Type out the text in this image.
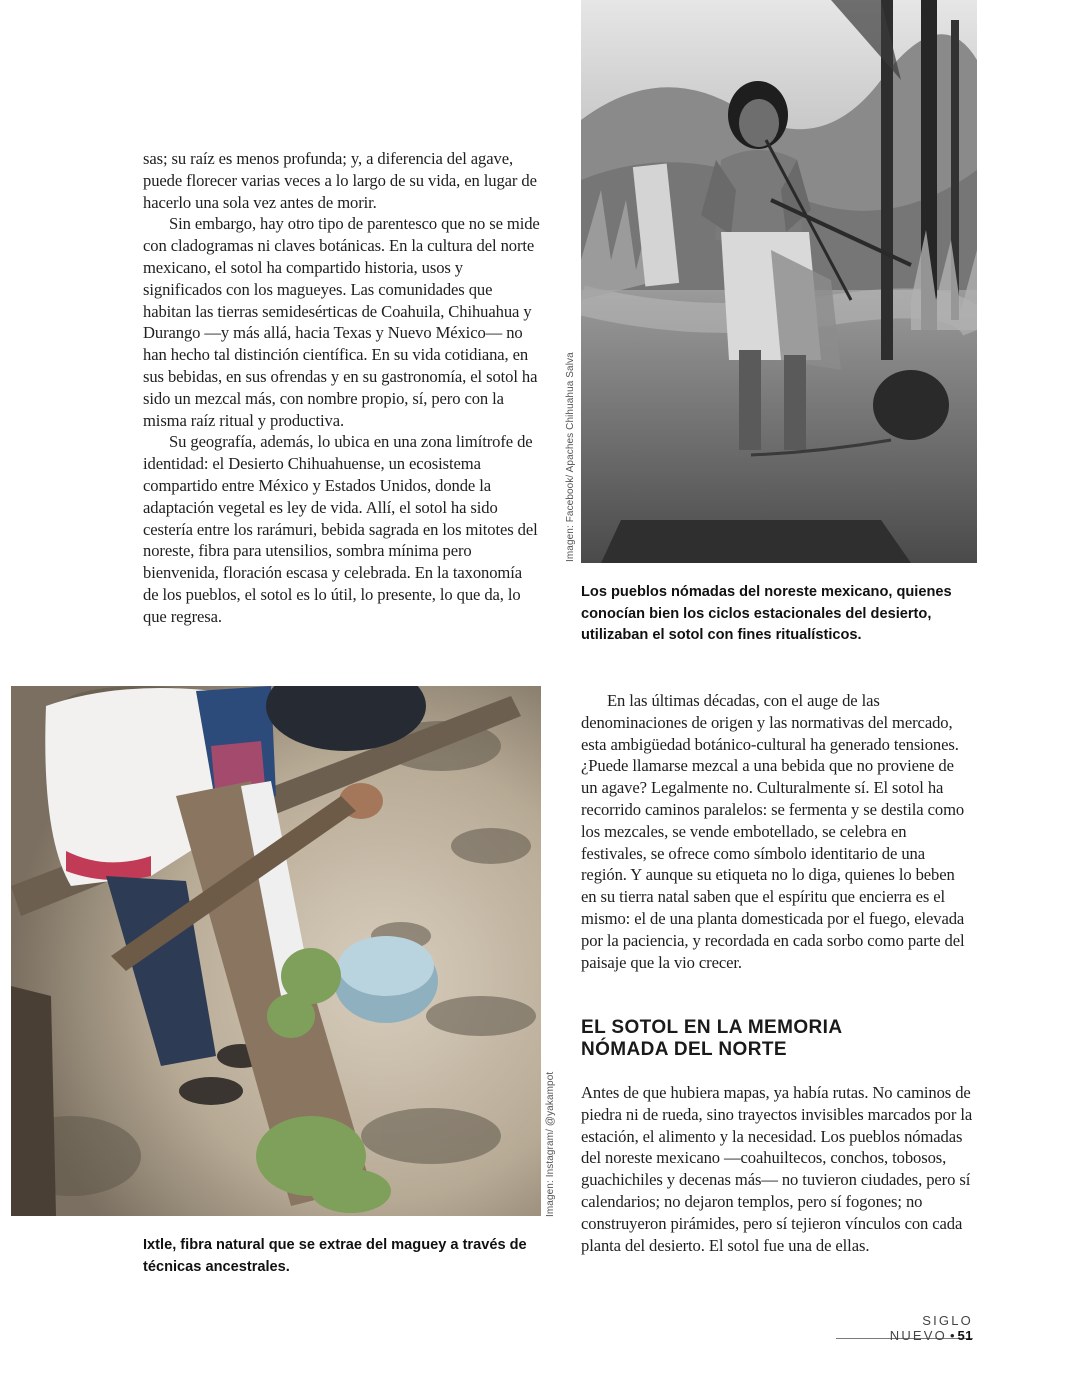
sas; su raíz es menos profunda; y, a diferencia del agave, puede florecer varias veces a lo largo de su vida, en lugar de hacerlo una sola vez antes de morir.

Sin embargo, hay otro tipo de parentesco que no se mide con cladogramas ni claves botánicas. En la cultura del norte mexicano, el sotol ha compartido historia, usos y significados con los magueyes. Las comunidades que habitan las tierras semidesérticas de Coahuila, Chihuahua y Durango —y más allá, hacia Texas y Nuevo México— no han hecho tal distinción científica. En su vida cotidiana, en sus bebidas, en sus ofrendas y en su gastronomía, el sotol ha sido un mezcal más, con nombre propio, sí, pero con la misma raíz ritual y productiva.

Su geografía, además, lo ubica en una zona limítrofe de identidad: el Desierto Chihuahuense, un ecosistema compartido entre México y Estados Unidos, donde la adaptación vegetal es ley de vida. Allí, el sotol ha sido cestería entre los rarámuri, bebida sagrada en los mitotes del noreste, fibra para utensilios, sombra mínima pero bienvenida, floración escasa y celebrada. En la taxonomía de los pueblos, el sotol es lo útil, lo presente, lo que da, lo que regresa.

Imagen: Facebook/ Apaches Chihuahua Salva

Los pueblos nómadas del noreste mexicano, quienes conocían bien los ciclos estacionales del desierto, utilizaban el sotol con fines ritualísticos.

Imagen: Instagram/ @yakampot

Ixtle, fibra natural que se extrae del maguey a través de técnicas ancestrales.

En las últimas décadas, con el auge de las denominaciones de origen y las normativas del mercado, esta ambigüedad botánico-cultural ha generado tensiones. ¿Puede llamarse mezcal a una bebida que no proviene de un agave? Legalmente no. Culturalmente sí. El sotol ha recorrido caminos paralelos: se fermenta y se destila como los mezcales, se vende embotellado, se celebra en festivales, se ofrece como símbolo identitario de una región. Y aunque su etiqueta no lo diga, quienes lo beben en su tierra natal saben que el espíritu que encierra es el mismo: el de una planta domesticada por el fuego, elevada por la paciencia, y recordada en cada sorbo como parte del paisaje que la vio crecer.

EL SOTOL EN LA MEMORIA
NÓMADA DEL NORTE

Antes de que hubiera mapas, ya había rutas. No caminos de piedra ni de rueda, sino trayectos invisibles marcados por la estación, el alimento y la necesidad. Los pueblos nómadas del noreste mexicano —coahuiltecos, conchos, tobosos, guachichiles y decenas más— no tuvieron ciudades, pero sí calendarios; no dejaron templos, pero sí fogones; no construyeron pirámides, pero sí tejieron vínculos con cada planta del desierto. El sotol fue una de ellas.

SIGLO NUEVO • 51
